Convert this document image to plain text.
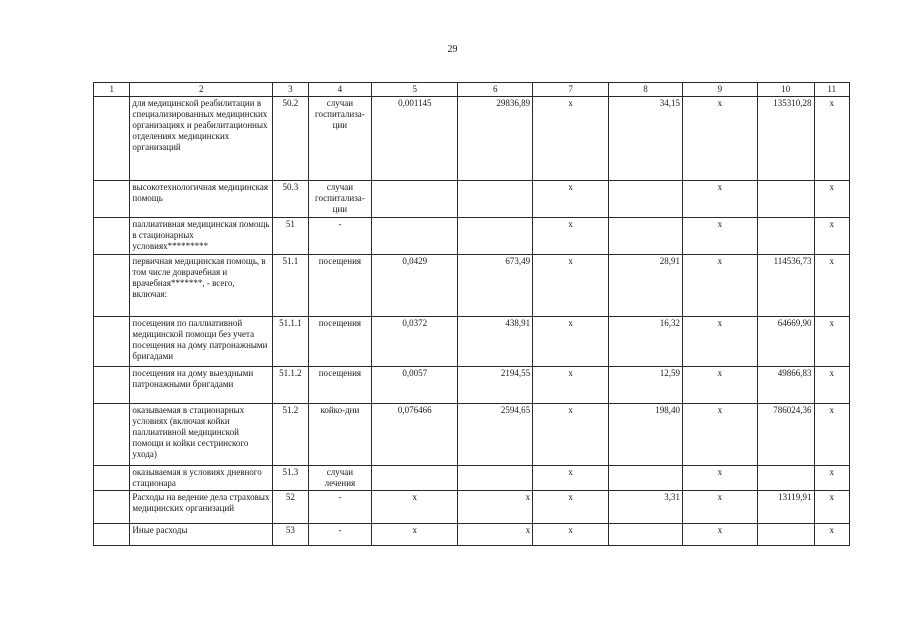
29
1	2	3	4	5	6	7	8	9	10	11
	для медицинской реабилитации в специализированных медицинских организациях и реабилитационных отделениях медицинских организаций	50.2	случаи госпитализа-ции	0,001145	29836,89	х	34,15	х	135310,28	х
	высокотехнологичная медицинская помощь	50.3	случаи госпитализа-ции			х		х		х
	паллиативная медицинская помощь в стационарных условиях*********	51	-			х		х		х
	первичная медицинская помощь, в том числе доврачебная и врачебная*******, - всего, включая:	51.1	посещения	0,0429	673,49	х	28,91	х	114536,73	х
	посещения по паллиативной медицинской помощи без учета посещения на дому патронажными бригадами	51.1.1	посещения	0,0372	438,91	х	16,32	х	64669,90	х
	посещения на дому выездными патронажными бригадами	51.1.2	посещения	0,0057	2194,55	х	12,59	х	49866,83	х
	оказываемая в стационарных условиях (включая койки паллиативной медицинской помощи и койки сестринского ухода)	51.2	койко-дни	0,076466	2594,65	х	198,40	х	786024,36	х
	оказываемая в условиях дневного стационара	51.3	случаи лечения			х		х		х
	Расходы на ведение дела страховых медицинских организаций	52	-	х	х	х	3,31	х	13119,91	х
	Иные расходы	53	-	х	х	х		х		х
